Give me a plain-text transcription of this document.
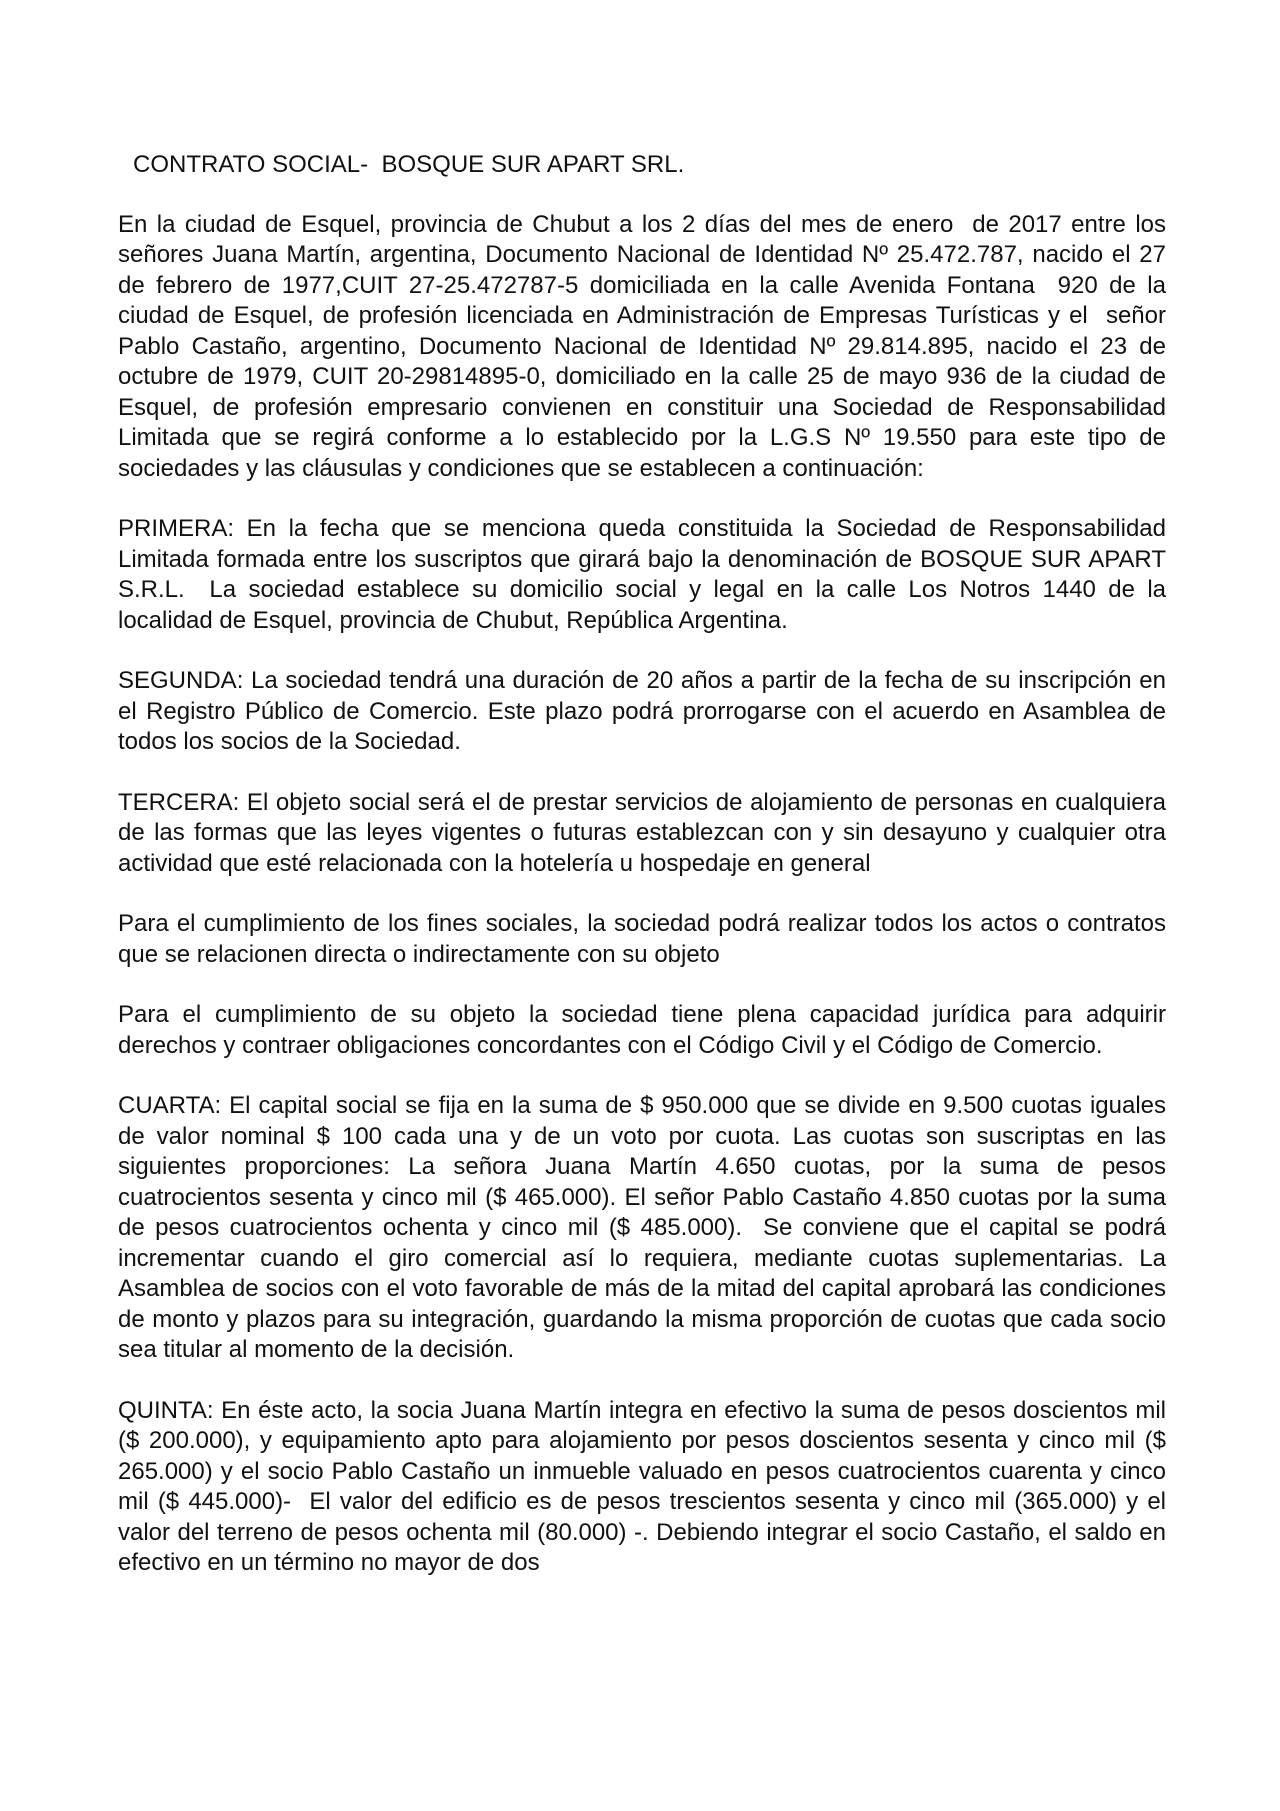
CONTRATO SOCIAL-  BOSQUE SUR APART SRL.

En la ciudad de Esquel, provincia de Chubut a los 2 días del mes de enero  de 2017 entre los señores Juana Martín, argentina, Documento Nacional de Identidad Nº 25.472.787, nacido el 27 de febrero de 1977,CUIT 27-25.472787-5 domiciliada en la calle Avenida Fontana  920 de la ciudad de Esquel, de profesión licenciada en Administración de Empresas Turísticas y el  señor Pablo Castaño, argentino, Documento Nacional de Identidad Nº 29.814.895, nacido el 23 de octubre de 1979, CUIT 20-29814895-0, domiciliado en la calle 25 de mayo 936 de la ciudad de Esquel, de profesión empresario convienen en constituir una Sociedad de Responsabilidad Limitada que se regirá conforme a lo establecido por la L.G.S Nº 19.550 para este tipo de sociedades y las cláusulas y condiciones que se establecen a continuación:

PRIMERA: En la fecha que se menciona queda constituida la Sociedad de Responsabilidad Limitada formada entre los suscriptos que girará bajo la denominación de BOSQUE SUR APART S.R.L.  La sociedad establece su domicilio social y legal en la calle Los Notros 1440 de la localidad de Esquel, provincia de Chubut, República Argentina.

SEGUNDA: La sociedad tendrá una duración de 20 años a partir de la fecha de su inscripción en el Registro Público de Comercio. Este plazo podrá prorrogarse con el acuerdo en Asamblea de todos los socios de la Sociedad.

TERCERA: El objeto social será el de prestar servicios de alojamiento de personas en cualquiera de las formas que las leyes vigentes o futuras establezcan con y sin desayuno y cualquier otra actividad que esté relacionada con la hotelería u hospedaje en general

Para el cumplimiento de los fines sociales, la sociedad podrá realizar todos los actos o contratos que se relacionen directa o indirectamente con su objeto

Para el cumplimiento de su objeto la sociedad tiene plena capacidad jurídica para adquirir derechos y contraer obligaciones concordantes con el Código Civil y el Código de Comercio.

CUARTA: El capital social se fija en la suma de $ 950.000 que se divide en 9.500 cuotas iguales de valor nominal $ 100 cada una y de un voto por cuota. Las cuotas son suscriptas en las siguientes proporciones: La señora Juana Martín 4.650 cuotas, por la suma de pesos cuatrocientos sesenta y cinco mil ($ 465.000). El señor Pablo Castaño 4.850 cuotas por la suma de pesos cuatrocientos ochenta y cinco mil ($ 485.000).  Se conviene que el capital se podrá incrementar cuando el giro comercial así lo requiera, mediante cuotas suplementarias. La Asamblea de socios con el voto favorable de más de la mitad del capital aprobará las condiciones de monto y plazos para su integración, guardando la misma proporción de cuotas que cada socio sea titular al momento de la decisión.

QUINTA: En éste acto, la socia Juana Martín integra en efectivo la suma de pesos doscientos mil ($ 200.000), y equipamiento apto para alojamiento por pesos doscientos sesenta y cinco mil ($ 265.000) y el socio Pablo Castaño un inmueble valuado en pesos cuatrocientos cuarenta y cinco mil ($ 445.000)-  El valor del edificio es de pesos trescientos sesenta y cinco mil (365.000) y el valor del terreno de pesos ochenta mil (80.000) -. Debiendo integrar el socio Castaño, el saldo en efectivo en un término no mayor de dos
